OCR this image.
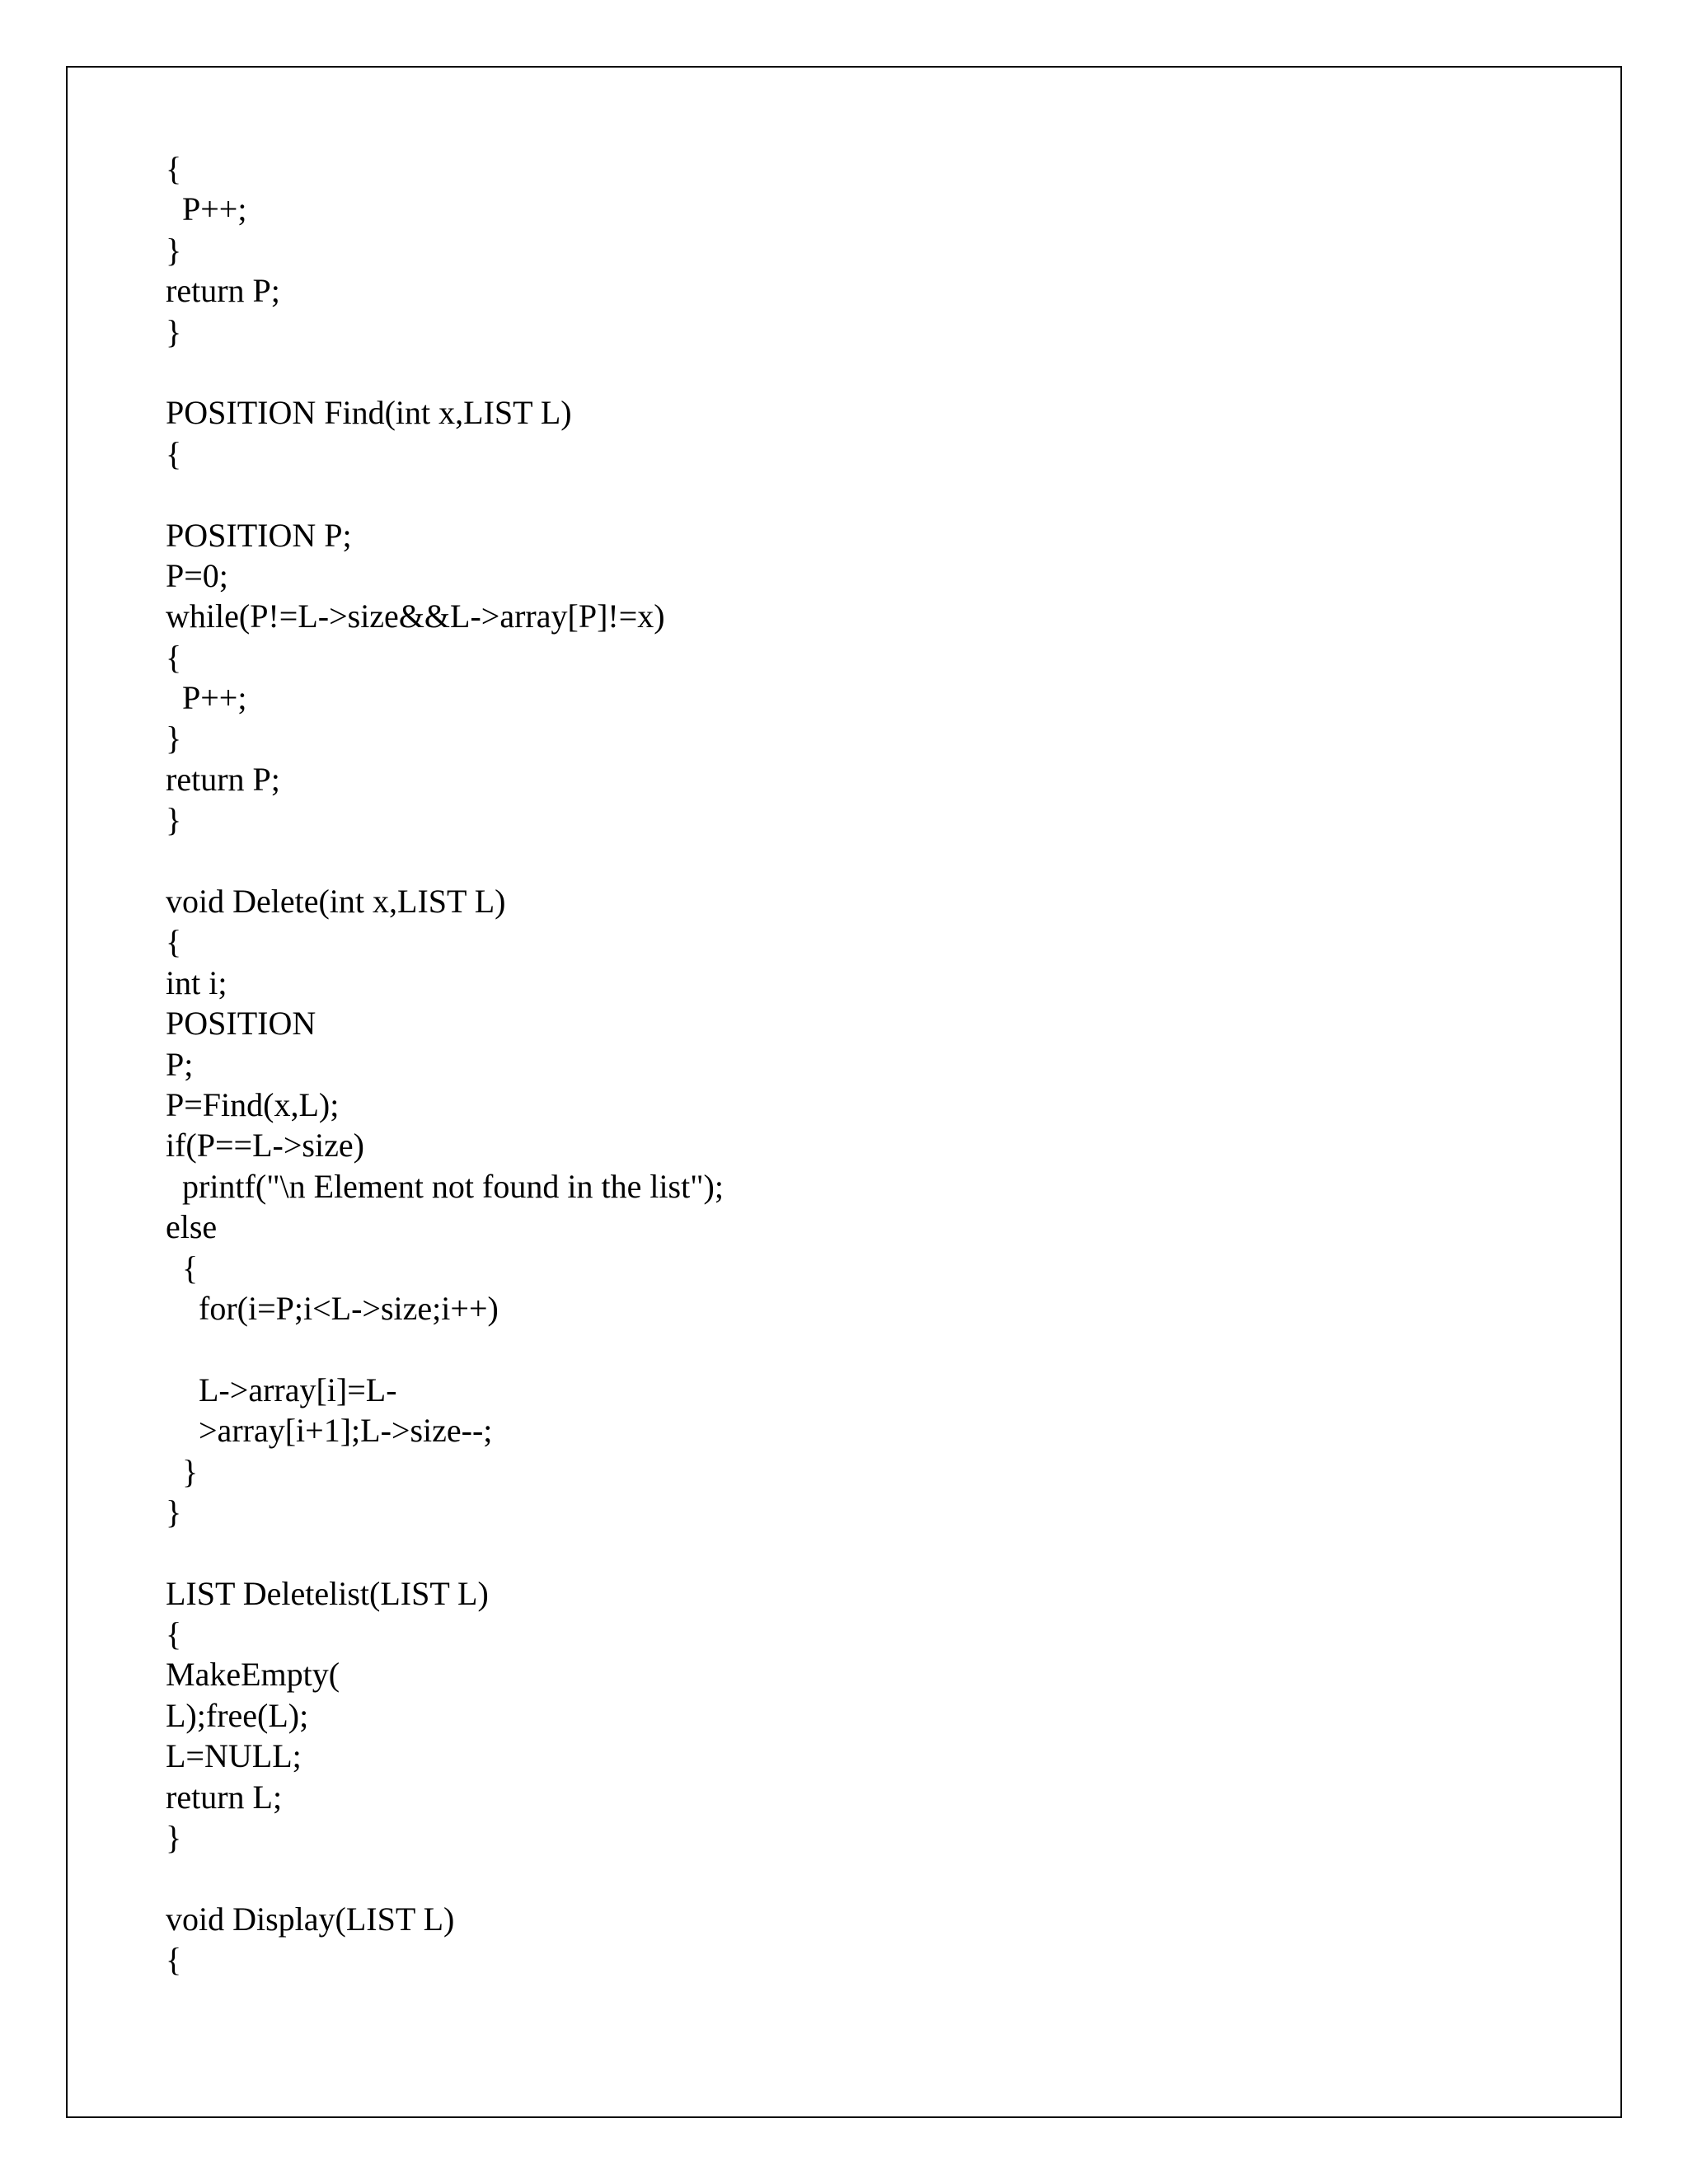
{
P++;
}
return P;
}
POSITION Find(int x,LIST L)
{
POSITION P;
P=0;
while(P!=L->size&&L->array[P]!=x)
{
P++;
}
return P;
}
void Delete(int x,LIST L)
{
int i;
POSITION
P;
P=Find(x,L);
if(P==L->size)
printf("\n Element not found in the list");
else
{
for(i=P;i<L->size;i++)
L->array[i]=L-
>array[i+1];L->size--;
}
}
LIST Deletelist(LIST L)
{
MakeEmpty(
L);free(L);
L=NULL;
return L;
}
void Display(LIST L)
{
